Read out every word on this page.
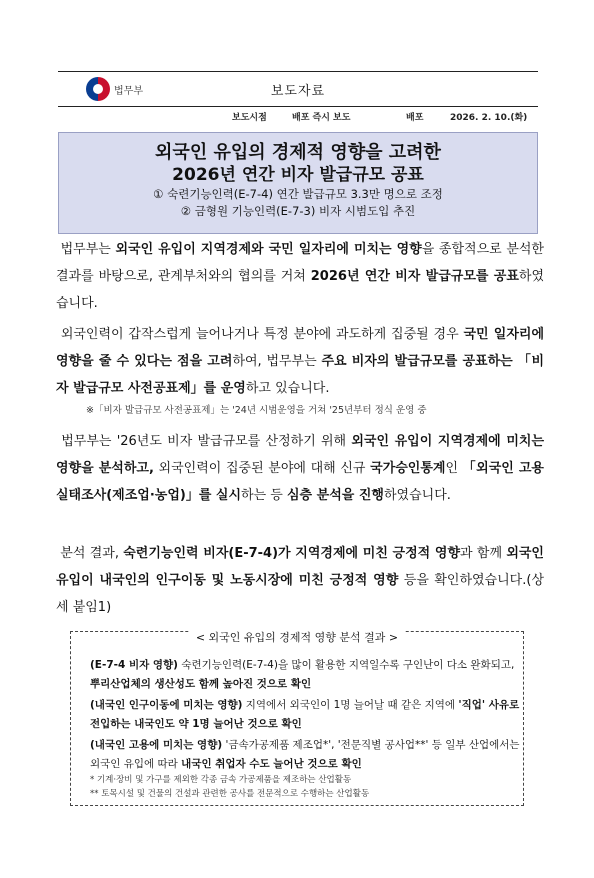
법무부	보도자료
보도시점	배포 즉시 보도	배포	2026. 2. 10.(화)
외국인 유입의 경제적 영향을 고려한
2026년 연간 비자 발급규모 공표
① 숙련기능인력(E-7-4) 연간 발급규모 3.3만 명으로 조정
② 금형원 기능인력(E-7-3) 비자 시범도입 추진

법무부는 외국인 유입이 지역경제와 국민 일자리에 미치는 영향을 종합적으로 분석한 결과를 바탕으로, 관계부처와의 협의를 거쳐 2026년 연간 비자 발급규모를 공표하였습니다.

외국인력이 갑작스럽게 늘어나거나 특정 분야에 과도하게 집중될 경우 국민 일자리에 영향을 줄 수 있다는 점을 고려하여, 법무부는 주요 비자의 발급규모를 공표하는 「비자 발급규모 사전공표제」를 운영하고 있습니다.

※「비자 발급규모 사전공표제」는 '24년 시범운영을 거쳐 '25년부터 정식 운영 중

법무부는 '26년도 비자 발급규모를 산정하기 위해 외국인 유입이 지역경제에 미치는 영향을 분석하고, 외국인력이 집중된 분야에 대해 신규 국가승인통계인 「외국인 고용실태조사(제조업·농업)」를 실시하는 등 심층 분석을 진행하였습니다.

분석 결과, 숙련기능인력 비자(E-7-4)가 지역경제에 미친 긍정적 영향과 함께 외국인 유입이 내국인의 인구이동 및 노동시장에 미친 긍정적 영향 등을 확인하였습니다.(상세 붙임1)

< 외국인 유입의 경제적 영향 분석 결과 >

(E-7-4 비자 영향) 숙련기능인력(E-7-4)을 많이 활용한 지역일수록 구인난이 다소 완화되고, 뿌리산업체의 생산성도 함께 높아진 것으로 확인

(내국인 인구이동에 미치는 영향) 지역에서 외국인이 1명 늘어날 때 같은 지역에 '직업' 사유로 전입하는 내국인도 약 1명 늘어난 것으로 확인

(내국인 고용에 미치는 영향) '금속가공제품 제조업*', '전문직별 공사업**' 등 일부 산업에서는 외국인 유입에 따라 내국인 취업자 수도 늘어난 것으로 확인

* 기계·장비 및 가구를 제외한 각종 금속 가공제품을 제조하는 산업활동
** 토목시설 및 건물의 건설과 관련한 공사를 전문적으로 수행하는 산업활동
